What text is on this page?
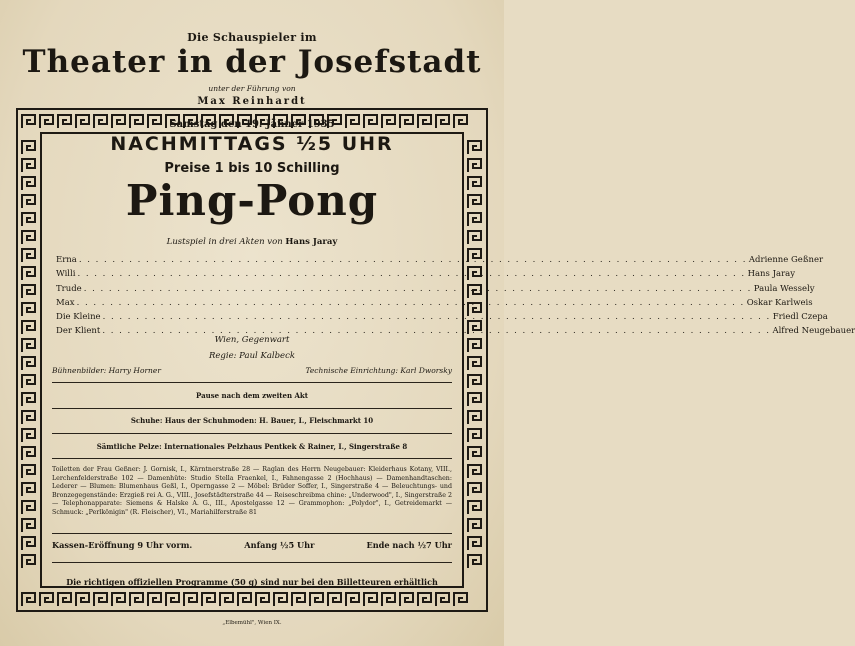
Die Schauspieler im
Theater in der Josefstadt
unter der Führung von
Max Reinhardt
Samstag den 19. Jänner 1935
NACHMITTAGS ½5 UHR
Preise 1 bis 10 Schilling
Ping-Pong
Lustspiel in drei Akten von Hans Jaray
Erna . . . . . . . . . . . . . . . . . . . . . . . . . . . . . . . . . . . . . . . . . . . . . . . . . . . . . . . . . . . . . . . . . . . . . . . . . . . . . . . . Adrienne Geßner
Willi . . . . . . . . . . . . . . . . . . . . . . . . . . . . . . . . . . . . . . . . . . . . . . . . . . . . . . . . . . . . . . . . . . . . . . . . . . . . . . . . Hans Jaray
Trude . . . . . . . . . . . . . . . . . . . . . . . . . . . . . . . . . . . . . . . . . . . . . . . . . . . . . . . . . . . . . . . . . . . . . . . . . . . . . . . . Paula Wessely
Max . . . . . . . . . . . . . . . . . . . . . . . . . . . . . . . . . . . . . . . . . . . . . . . . . . . . . . . . . . . . . . . . . . . . . . . . . . . . . . . . Oskar Karlweis
Die Kleine . . . . . . . . . . . . . . . . . . . . . . . . . . . . . . . . . . . . . . . . . . . . . . . . . . . . . . . . . . . . . . . . . . . . . . . . . . . . . . . . Friedl Czepa
Der Klient . . . . . . . . . . . . . . . . . . . . . . . . . . . . . . . . . . . . . . . . . . . . . . . . . . . . . . . . . . . . . . . . . . . . . . . . . . . . . . . . Alfred Neugebauer
Wien, Gegenwart
Regie: Paul Kalbeck
Bühnenbilder: Harry Horner	Technische Einrichtung: Karl Dworsky
Pause nach dem zweiten Akt
Schuhe: Haus der Schuhmoden: H. Bauer, I., Fleischmarkt 10
Sämtliche Pelze: Internationales Pelzhaus Pentkek & Rainer, I., Singerstraße 8
Toiletten der Frau Geßner: J. Gornisk, I., Kärntnerstraße 28 — Raglan des Herrn Neugebauer: Kleiderhaus Kotany, VIII., Lerchenfelderstraße 102 — Damenhüte: Studio Stella Fraenkel, I., Fahnengasse 2 (Hochhaus) — Damenhandtaschen: Lederer — Blumen: Blumenhaus Geßl, I., Operngasse 2 — Möbel: Brüder Soffer, I., Singerstraße 4 — Beleuchtungs- und Bronzegegenstände: Erzgieß rei A. G., VIII., Josefstädterstraße 44 — Reiseschreibma chine: „Underwood", I., Singerstraße 2 — Telephonapparate: Siemens & Halske A. G., III., Apostelgasse 12 — Grammophon: „Polydor", I., Getreidemarkt — Schmuck: „Perlkönigin" (R. Fleischer), VI., Mariahilferstraße 81
Kassen-Eröffnung 9 Uhr vorm.	Anfang ½5 Uhr	Ende nach ½7 Uhr
Die richtigen offiziellen Programme (50 g) sind nur bei den Billetteuren erhältlich
„Elbemühl", Wien IX.
